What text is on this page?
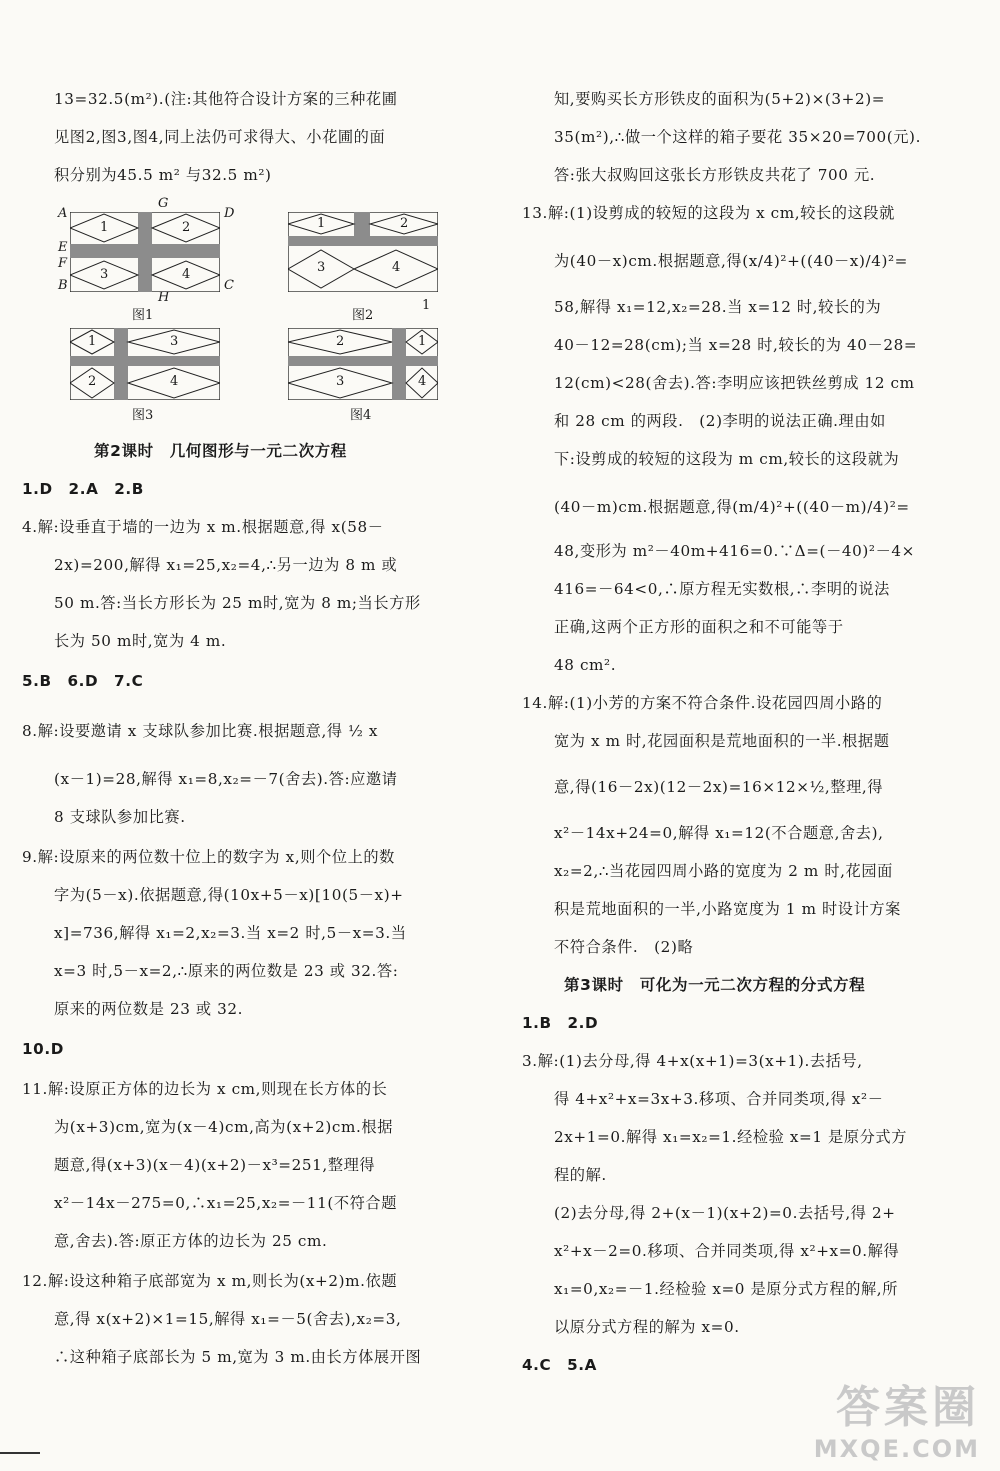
13=32.5(m²).(注:其他符合设计方案的三种花圃
见图2,图3,图4,同上法仍可求得大、小花圃的面
积分别为45.5 m² 与32.5 m²)
1	2
3	4
A
G
D
E
F
B
H
C
图1
1	2
3	4
图2
1
1	3
2	4
图3
2	1
3	4
图4
第2课时　几何图形与一元二次方程
1.D　2.A　2.B
4.解:设垂直于墙的一边为 x m.根据题意,得 x(58－
2x)=200,解得 x₁=25,x₂=4,∴另一边为 8 m 或
50 m.答:当长方形长为 25 m时,宽为 8 m;当长方形
长为 50 m时,宽为 4 m.
5.B　6.D　7.C
8.解:设要邀请 x 支球队参加比赛.根据题意,得 ½ x
(x－1)=28,解得 x₁=8,x₂=－7(舍去).答:应邀请
8 支球队参加比赛.
9.解:设原来的两位数十位上的数字为 x,则个位上的数
字为(5－x).依据题意,得(10x+5－x)[10(5－x)+
x]=736,解得 x₁=2,x₂=3.当 x=2 时,5－x=3.当
x=3 时,5－x=2,∴原来的两位数是 23 或 32.答:
原来的两位数是 23 或 32.
10.D
11.解:设原正方体的边长为 x cm,则现在长方体的长
为(x+3)cm,宽为(x－4)cm,高为(x+2)cm.根据
题意,得(x+3)(x－4)(x+2)－x³=251,整理得
x²－14x－275=0,∴x₁=25,x₂=－11(不符合题
意,舍去).答:原正方体的边长为 25 cm.
12.解:设这种箱子底部宽为 x m,则长为(x+2)m.依题
意,得 x(x+2)×1=15,解得 x₁=－5(舍去),x₂=3,
∴这种箱子底部长为 5 m,宽为 3 m.由长方体展开图
知,要购买长方形铁皮的面积为(5+2)×(3+2)=
35(m²),∴做一个这样的箱子要花 35×20=700(元).
答:张大叔购回这张长方形铁皮共花了 700 元.
13.解:(1)设剪成的较短的这段为 x cm,较长的这段就
为(40－x)cm.根据题意,得(x/4)²+((40－x)/4)²=
58,解得 x₁=12,x₂=28.当 x=12 时,较长的为
40－12=28(cm);当 x=28 时,较长的为 40－28=
12(cm)<28(舍去).答:李明应该把铁丝剪成 12 cm
和 28 cm 的两段.　(2)李明的说法正确.理由如
下:设剪成的较短的这段为 m cm,较长的这段就为
(40－m)cm.根据题意,得(m/4)²+((40－m)/4)²=
48,变形为 m²－40m+416=0.∵Δ=(－40)²－4×
416=－64<0,∴原方程无实数根,∴李明的说法
正确,这两个正方形的面积之和不可能等于
48 cm².
14.解:(1)小芳的方案不符合条件.设花园四周小路的
宽为 x m 时,花园面积是荒地面积的一半.根据题
意,得(16－2x)(12－2x)=16×12×½,整理,得
x²－14x+24=0,解得 x₁=12(不合题意,舍去),
x₂=2,∴当花园四周小路的宽度为 2 m 时,花园面
积是荒地面积的一半,小路宽度为 1 m 时设计方案
不符合条件.　(2)略
第3课时　可化为一元二次方程的分式方程
1.B　2.D
3.解:(1)去分母,得 4+x(x+1)=3(x+1).去括号,
得 4+x²+x=3x+3.移项、合并同类项,得 x²－
2x+1=0.解得 x₁=x₂=1.经检验 x=1 是原分式方
程的解.
(2)去分母,得 2+(x－1)(x+2)=0.去括号,得 2+
x²+x－2=0.移项、合并同类项,得 x²+x=0.解得
x₁=0,x₂=－1.经检验 x=0 是原分式方程的解,所
以原分式方程的解为 x=0.
4.C　5.A
答案圈
MXQE.COM
